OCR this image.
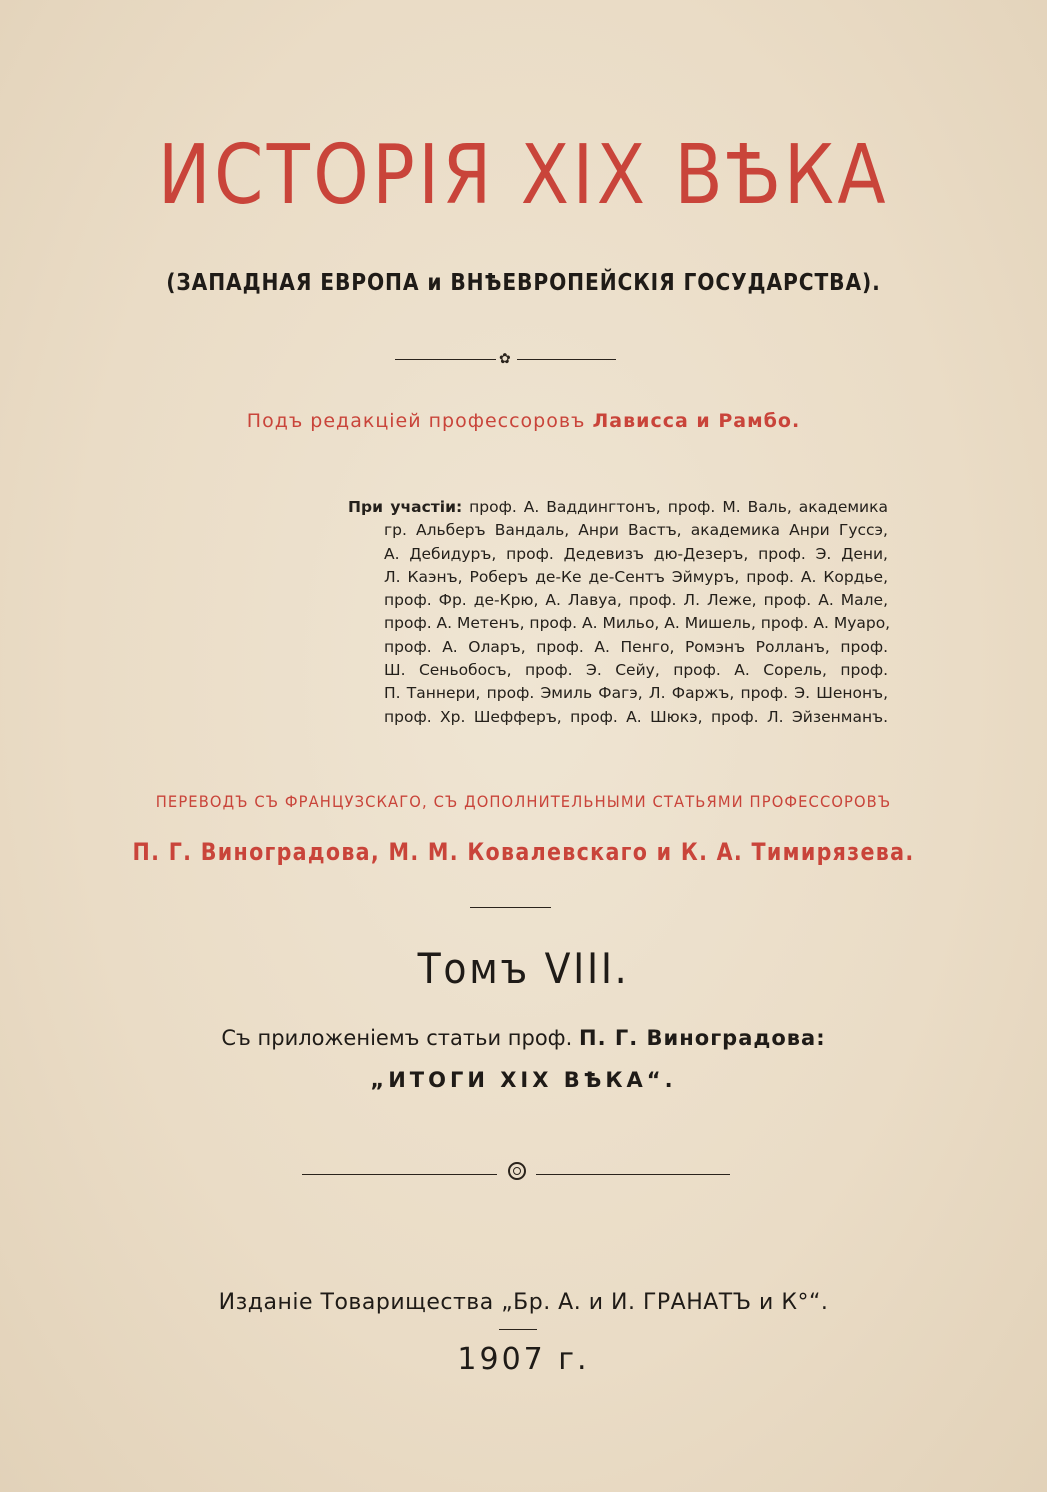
ИСТОРІЯ XIX ВѢКА
(ЗАПАДНАЯ ЕВРОПА и ВНѢЕВРОПЕЙСКІЯ ГОСУДАРСТВА).
✿
Подъ редакціей профессоровъ Лависса и Рамбо.
При участіи: проф. А. Ваддингтонъ, проф. М. Валь, академика
гр. Альберъ Вандаль, Анри Вастъ, академика Анри Гуссэ,
А. Дебидуръ, проф. Дедевизъ дю-Дезеръ, проф. Э. Дени,
Л. Каэнъ, Роберъ де-Ке де-Сентъ Эймуръ, проф. А. Кордье,
проф. Фр. де-Крю, А. Лавуа, проф. Л. Леже, проф. А. Мале,
проф. А. Метенъ, проф. А. Мильо, А. Мишель, проф. А. Муаро,
проф. А. Оларъ, проф. А. Пенго, Ромэнъ Ролланъ, проф.
Ш. Сеньобосъ, проф. Э. Сейу, проф. А. Сорель, проф.
П. Таннери, проф. Эмиль Фагэ, Л. Фаржъ, проф. Э. Шенонъ,
проф. Хр. Шефферъ, проф. А. Шюкэ, проф. Л. Эйзенманъ.
ПЕРЕВОДЪ СЪ ФРАНЦУЗСКАГО, СЪ ДОПОЛНИТЕЛЬНЫМИ СТАТЬЯМИ ПРОФЕССОРОВЪ
П. Г. Виноградова, М. М. Ковалевскаго и К. А. Тимирязева.
Томъ VIII.
Съ приложеніемъ статьи проф. П. Г. Виноградова:
„ИТОГИ XIX ВѢКА“.
Изданіе Товарищества „Бр. А. и И. ГРАНАТЪ и К°“.
1907 г.
